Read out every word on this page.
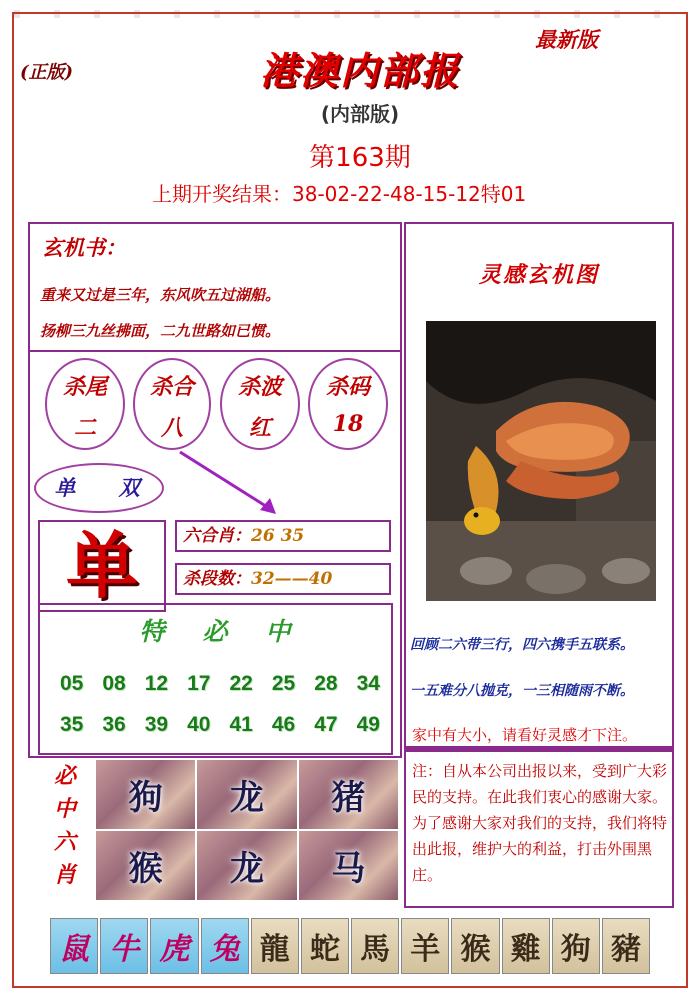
(正版)
最新版
港澳内部报
(内部版)
第163期
上期开奖结果：38-02-22-48-15-12特01
玄机书：
重来又过是三年，东风吹五过湖船。
扬柳三九丝拂面，二九世路如已惯。
杀尾
二
杀合
八
杀波
红
杀码
18
单 双
单	六合肖：26 35
杀段数：32——40
特必中
05 08 12 17 22 25 28 34
35 36 39 40 41 46 47 49
必
中
六
肖
狗 龙 猪
猴 龙 马
灵感玄机图
回顾二六带三行，四六携手五联系。
一五难分八抛克，一三相随雨不断。
家中有大小，请看好灵感才下注。
注：自从本公司出报以来，受到广大彩民的支持。在此我们衷心的感谢大家。为了感谢大家对我们的支持，我们将特出此报，维护大的利益，打击外围黑庄。
鼠 牛 虎 兔 龍 蛇 馬 羊 猴 雞 狗 豬
